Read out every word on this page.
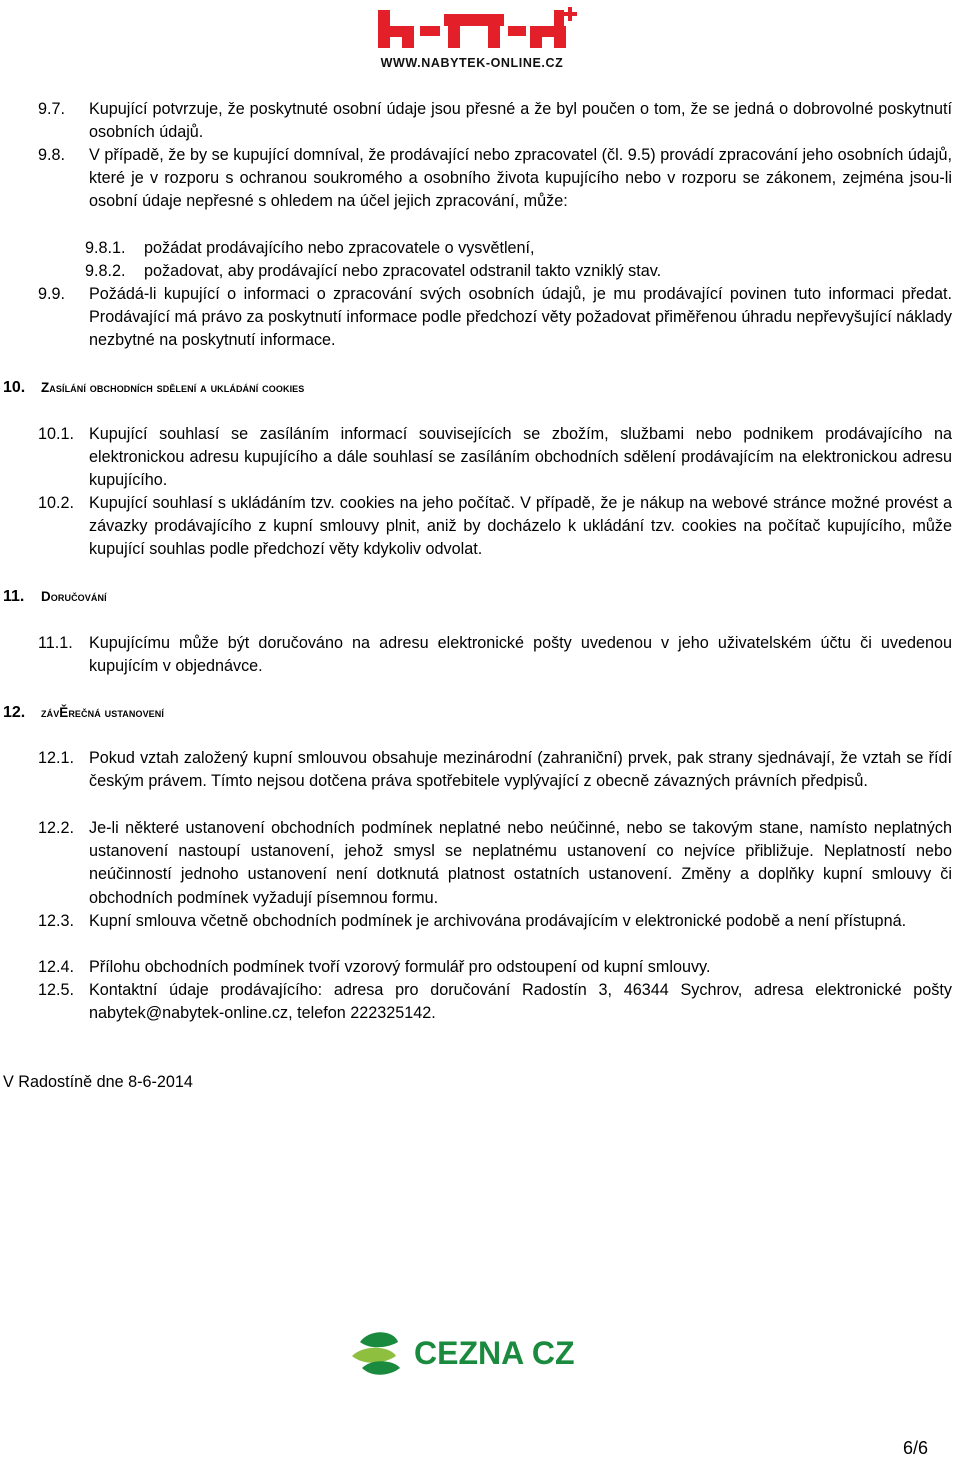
WWW.NABYTEK-ONLINE.CZ
9.7. Kupující potvrzuje, že poskytnuté osobní údaje jsou přesné a že byl poučen o tom, že se jedná o dobrovolné poskytnutí osobních údajů.
9.8. V případě, že by se kupující domníval, že prodávající nebo zpracovatel (čl. 9.5) provádí zpracování jeho osobních údajů, které je v rozporu s ochranou soukromého a osobního života kupujícího nebo v rozporu se zákonem, zejména jsou-li osobní údaje nepřesné s ohledem na účel jejich zpracování, může:
9.8.1. požádat prodávajícího nebo zpracovatele o vysvětlení,
9.8.2. požadovat, aby prodávající nebo zpracovatel odstranil takto vzniklý stav.
9.9. Požádá-li kupující o informaci o zpracování svých osobních údajů, je mu prodávající povinen tuto informaci předat. Prodávající má právo za poskytnutí informace podle předchozí věty požadovat přiměřenou úhradu nepřevyšující náklady nezbytné na poskytnutí informace.
10. Zasílání obchodních sdělení a ukládání cookies
10.1. Kupující souhlasí se zasíláním informací souvisejících se zbožím, službami nebo podnikem prodávajícího na elektronickou adresu kupujícího a dále souhlasí se zasíláním obchodních sdělení prodávajícím na elektronickou adresu kupujícího.
10.2. Kupující souhlasí s ukládáním tzv. cookies na jeho počítač. V případě, že je nákup na webové stránce možné provést a závazky prodávajícího z kupní smlouvy plnit, aniž by docházelo k ukládání tzv. cookies na počítač kupujícího, může kupující souhlas podle předchozí věty kdykoliv odvolat.
11. Doručování
11.1. Kupujícímu může být doručováno na adresu elektronické pošty uvedenou v jeho uživatelském účtu či uvedenou kupujícím v objednávce.
12. závĚrečná ustanovení
12.1. Pokud vztah založený kupní smlouvou obsahuje mezinárodní (zahraniční) prvek, pak strany sjednávají, že vztah se řídí českým právem. Tímto nejsou dotčena práva spotřebitele vyplývající z obecně závazných právních předpisů.
12.2. Je-li některé ustanovení obchodních podmínek neplatné nebo neúčinné, nebo se takovým stane, namísto neplatných ustanovení nastoupí ustanovení, jehož smysl se neplatnému ustanovení co nejvíce přibližuje. Neplatností nebo neúčinností jednoho ustanovení není dotknutá platnost ostatních ustanovení. Změny a doplňky kupní smlouvy či obchodních podmínek vyžadují písemnou formu.
12.3. Kupní smlouva včetně obchodních podmínek je archivována prodávajícím v elektronické podobě a není přístupná.
12.4. Přílohu obchodních podmínek tvoří vzorový formulář pro odstoupení od kupní smlouvy.
12.5. Kontaktní údaje prodávajícího: adresa pro doručování Radostín 3, 46344 Sychrov, adresa elektronické pošty nabytek@nabytek-online.cz, telefon 222325142.
V Radostíně dne 8-6-2014
CEZNA CZ
6/6
